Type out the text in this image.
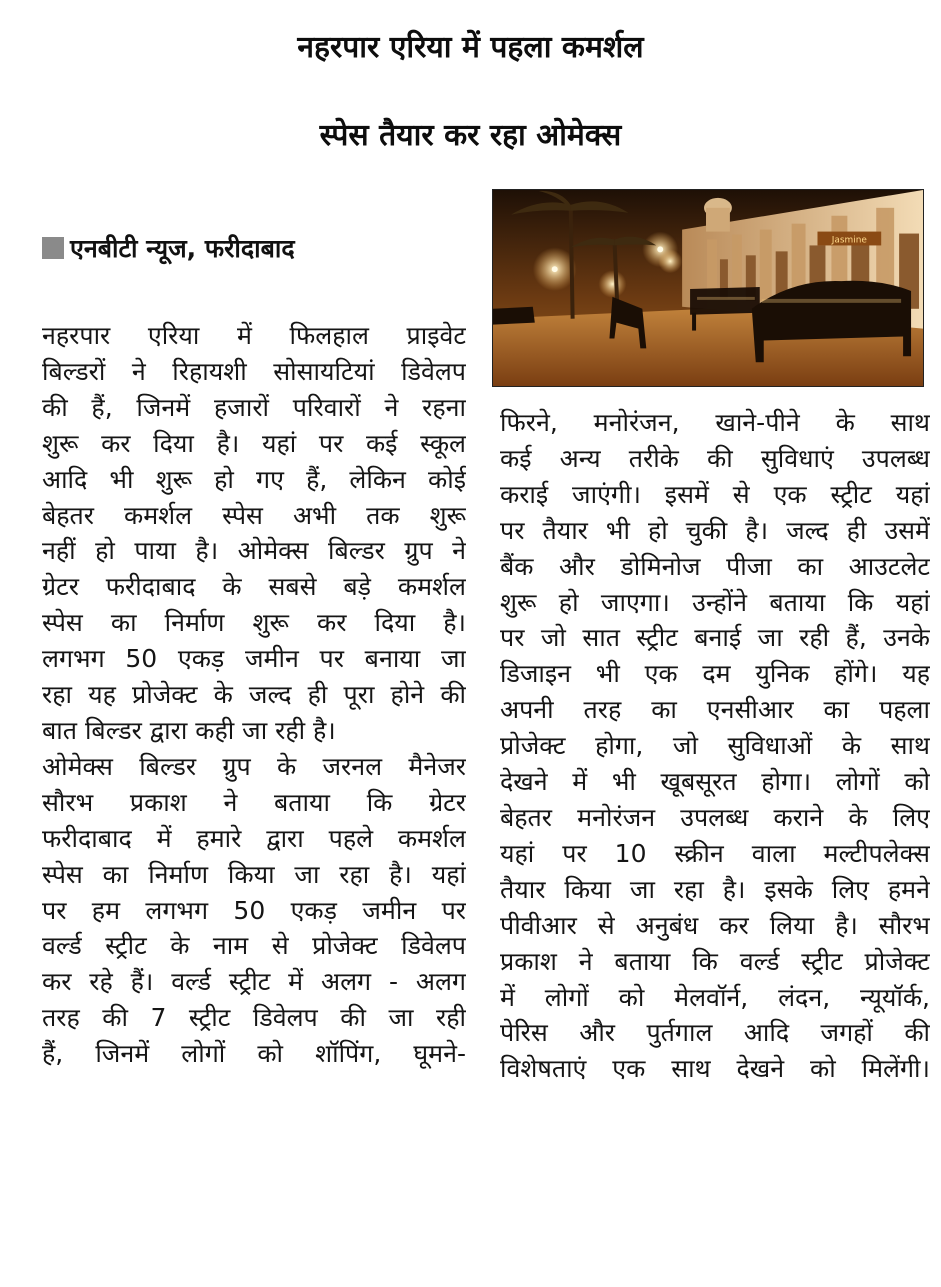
नहरपार एरिया में पहला कमर्शल
स्पेस तैयार कर रहा ओमेक्स
एनबीटी न्यूज, फरीदाबाद	Jasmine
नहरपार एरिया में फिलहाल प्राइवेट
बिल्डरों ने रिहायशी सोसायटियां डिवेलप
की हैं, जिनमें हजारों परिवारों ने रहना
शुरू कर दिया है। यहां पर कई स्कूल
आदि भी शुरू हो गए हैं, लेकिन कोई
बेहतर कमर्शल स्पेस अभी तक शुरू
नहीं हो पाया है। ओमेक्स बिल्डर ग्रुप ने
ग्रेटर फरीदाबाद के सबसे बड़े कमर्शल
स्पेस का निर्माण शुरू कर दिया है।
लगभग 50 एकड़ जमीन पर बनाया जा
रहा यह प्रोजेक्ट के जल्द ही पूरा होने की
बात बिल्डर द्वारा कही जा रही है।
ओमेक्स बिल्डर ग्रुप के जरनल मैनेजर
सौरभ प्रकाश ने बताया कि ग्रेटर
फरीदाबाद में हमारे द्वारा पहले कमर्शल
स्पेस का निर्माण किया जा रहा है। यहां
पर हम लगभग 50 एकड़ जमीन पर
वर्ल्ड स्ट्रीट के नाम से प्रोजेक्ट डिवेलप
कर रहे हैं। वर्ल्ड स्ट्रीट में अलग - अलग
तरह की 7 स्ट्रीट डिवेलप की जा रही
हैं, जिनमें लोगों को शॉपिंग, घूमने-
फिरने, मनोरंजन, खाने-पीने के साथ
कई अन्य तरीके की सुविधाएं उपलब्ध
कराई जाएंगी। इसमें से एक स्ट्रीट यहां
पर तैयार भी हो चुकी है। जल्द ही उसमें
बैंक और डोमिनोज पीजा का आउटलेट
शुरू हो जाएगा। उन्होंने बताया कि यहां
पर जो सात स्ट्रीट बनाई जा रही हैं, उनके
डिजाइन भी एक दम युनिक होंगे। यह
अपनी तरह का एनसीआर का पहला
प्रोजेक्ट होगा, जो सुविधाओं के साथ
देखने में भी खूबसूरत होगा। लोगों को
बेहतर मनोरंजन उपलब्ध कराने के लिए
यहां पर 10 स्क्रीन वाला मल्टीपलेक्स
तैयार किया जा रहा है। इसके लिए हमने
पीवीआर से अनुबंध कर लिया है। सौरभ
प्रकाश ने बताया कि वर्ल्ड स्ट्रीट प्रोजेक्ट
में लोगों को मेलवॉर्न, लंदन, न्यूयॉर्क,
पेरिस और पुर्तगाल आदि जगहों की
विशेषताएं एक साथ देखने को मिलेंगी।
